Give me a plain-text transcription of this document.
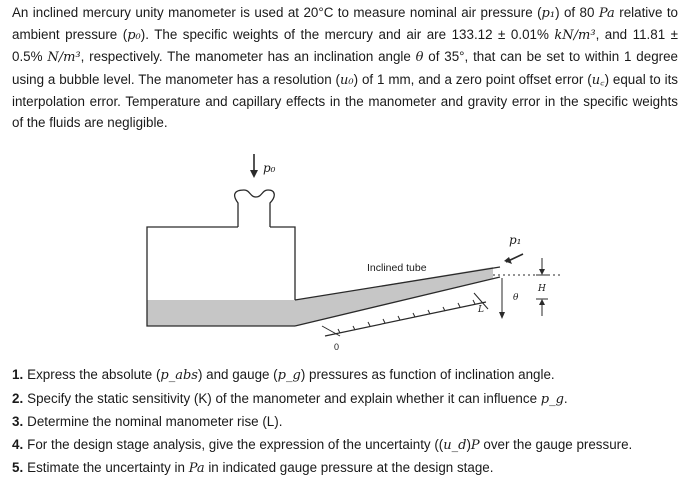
An inclined mercury unity manometer is used at 20°C to measure nominal air pressure (p₁) of 80 Pa relative to ambient pressure (p₀). The specific weights of the mercury and air are 133.12 ± 0.01% kN/m³, and 11.81 ± 0.5% N/m³, respectively. The manometer has an inclination angle θ of 35°, that can be set to within 1 degree using a bubble level. The manometer has a resolution (u₀) of 1 mm, and a zero point offset error (u꜀) equal to its interpolation error. Temperature and capillary effects in the manometer and gravity error in the specific weights of the fluids are negligible.

p₀
p₁
Inclined tube
H
L
θ
0
1. Express the absolute (p_abs) and gauge (p_g) pressures as function of inclination angle.
2. Specify the static sensitivity (K) of the manometer and explain whether it can influence p_g.
3. Determine the nominal manometer rise (L).
4. For the design stage analysis, give the expression of the uncertainty ((u_d)P over the gauge pressure.
5. Estimate the uncertainty in Pa in indicated gauge pressure at the design stage.
